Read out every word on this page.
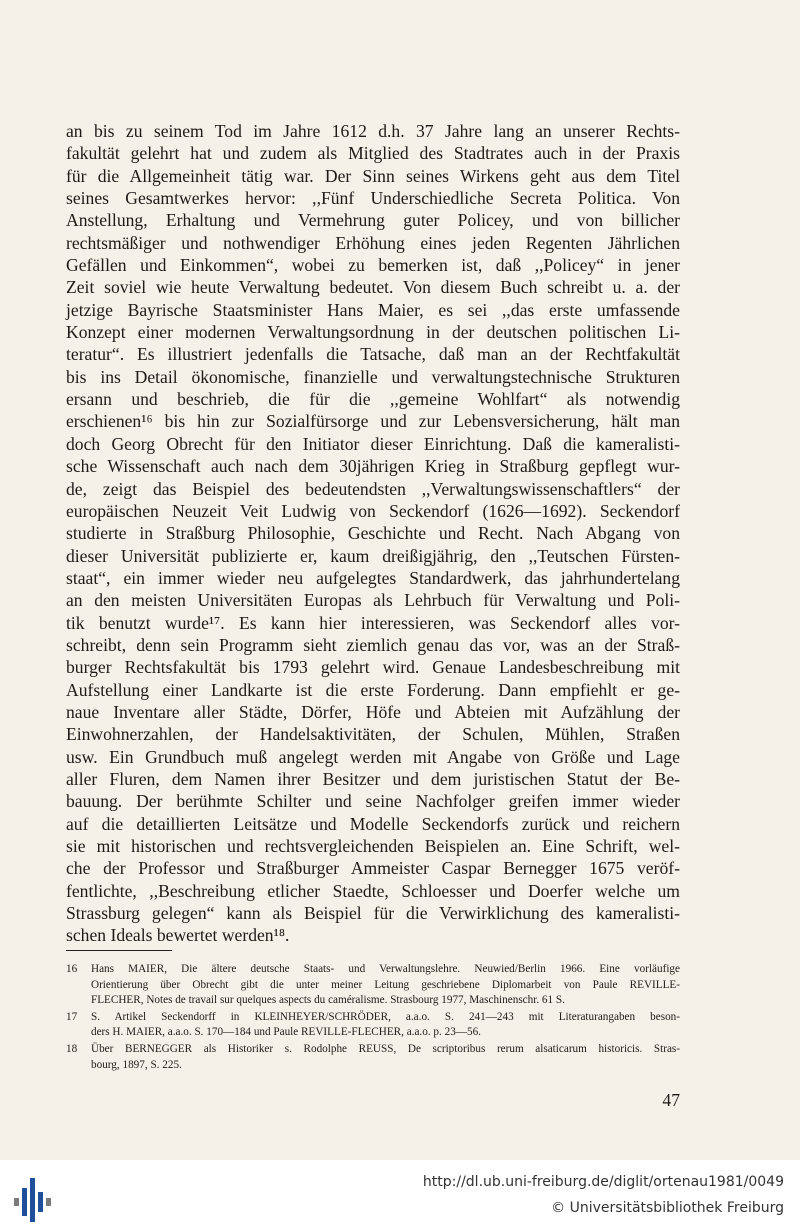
an bis zu seinem Tod im Jahre 1612 d.h. 37 Jahre lang an unserer Rechts-
fakultät gelehrt hat und zudem als Mitglied des Stadtrates auch in der Praxis
für die Allgemeinheit tätig war. Der Sinn seines Wirkens geht aus dem Titel
seines Gesamtwerkes hervor: ,,Fünf Underschiedliche Secreta Politica. Von
Anstellung, Erhaltung und Vermehrung guter Policey, und von billicher
rechtsmäßiger und nothwendiger Erhöhung eines jeden Regenten Jährlichen
Gefällen und Einkommen“, wobei zu bemerken ist, daß ,,Policey“ in jener
Zeit soviel wie heute Verwaltung bedeutet. Von diesem Buch schreibt u. a. der
jetzige Bayrische Staatsminister Hans Maier, es sei ,,das erste umfassende
Konzept einer modernen Verwaltungsordnung in der deutschen politischen Li-
teratur“. Es illustriert jedenfalls die Tatsache, daß man an der Rechtfakultät
bis ins Detail ökonomische, finanzielle und verwaltungstechnische Strukturen
ersann und beschrieb, die für die ,,gemeine Wohlfart“ als notwendig
erschienen¹⁶ bis hin zur Sozialfürsorge und zur Lebensversicherung, hält man
doch Georg Obrecht für den Initiator dieser Einrichtung. Daß die kameralisti-
sche Wissenschaft auch nach dem 30jährigen Krieg in Straßburg gepflegt wur-
de, zeigt das Beispiel des bedeutendsten ,,Verwaltungswissenschaftlers“ der
europäischen Neuzeit Veit Ludwig von Seckendorf (1626—1692). Seckendorf
studierte in Straßburg Philosophie, Geschichte und Recht. Nach Abgang von
dieser Universität publizierte er, kaum dreißigjährig, den ,,Teutschen Fürsten-
staat“, ein immer wieder neu aufgelegtes Standardwerk, das jahrhundertelang
an den meisten Universitäten Europas als Lehrbuch für Verwaltung und Poli-
tik benutzt wurde¹⁷. Es kann hier interessieren, was Seckendorf alles vor-
schreibt, denn sein Programm sieht ziemlich genau das vor, was an der Straß-
burger Rechtsfakultät bis 1793 gelehrt wird. Genaue Landesbeschreibung mit
Aufstellung einer Landkarte ist die erste Forderung. Dann empfiehlt er ge-
naue Inventare aller Städte, Dörfer, Höfe und Abteien mit Aufzählung der
Einwohnerzahlen, der Handelsaktivitäten, der Schulen, Mühlen, Straßen
usw. Ein Grundbuch muß angelegt werden mit Angabe von Größe und Lage
aller Fluren, dem Namen ihrer Besitzer und dem juristischen Statut der Be-
bauung. Der berühmte Schilter und seine Nachfolger greifen immer wieder
auf die detaillierten Leitsätze und Modelle Seckendorfs zurück und reichern
sie mit historischen und rechtsvergleichenden Beispielen an. Eine Schrift, wel-
che der Professor und Straßburger Ammeister Caspar Bernegger 1675 veröf-
fentlichte, ,,Beschreibung etlicher Staedte, Schloesser und Doerfer welche um
Strassburg gelegen“ kann als Beispiel für die Verwirklichung des kameralisti-
schen Ideals bewertet werden¹⁸.
16 Hans MAIER, Die ältere deutsche Staats- und Verwaltungslehre. Neuwied/Berlin 1966. Eine vorläufige
Orientierung über Obrecht gibt die unter meiner Leitung geschriebene Diplomarbeit von Paule REVILLE-
FLECHER, Notes de travail sur quelques aspects du caméralisme. Strasbourg 1977, Maschinenschr. 61 S.
17 S. Artikel Seckendorff in KLEINHEYER/SCHRÖDER, a.a.o. S. 241—243 mit Literaturangaben beson-
ders H. MAIER, a.a.o. S. 170—184 und Paule REVILLE-FLECHER, a.a.o. p. 23—56.
18 Über BERNEGGER als Historiker s. Rodolphe REUSS, De scriptoribus rerum alsaticarum historicis. Stras-
bourg, 1897, S. 225.
47
http://dl.ub.uni-freiburg.de/diglit/ortenau1981/0049
© Universitätsbibliothek Freiburg
